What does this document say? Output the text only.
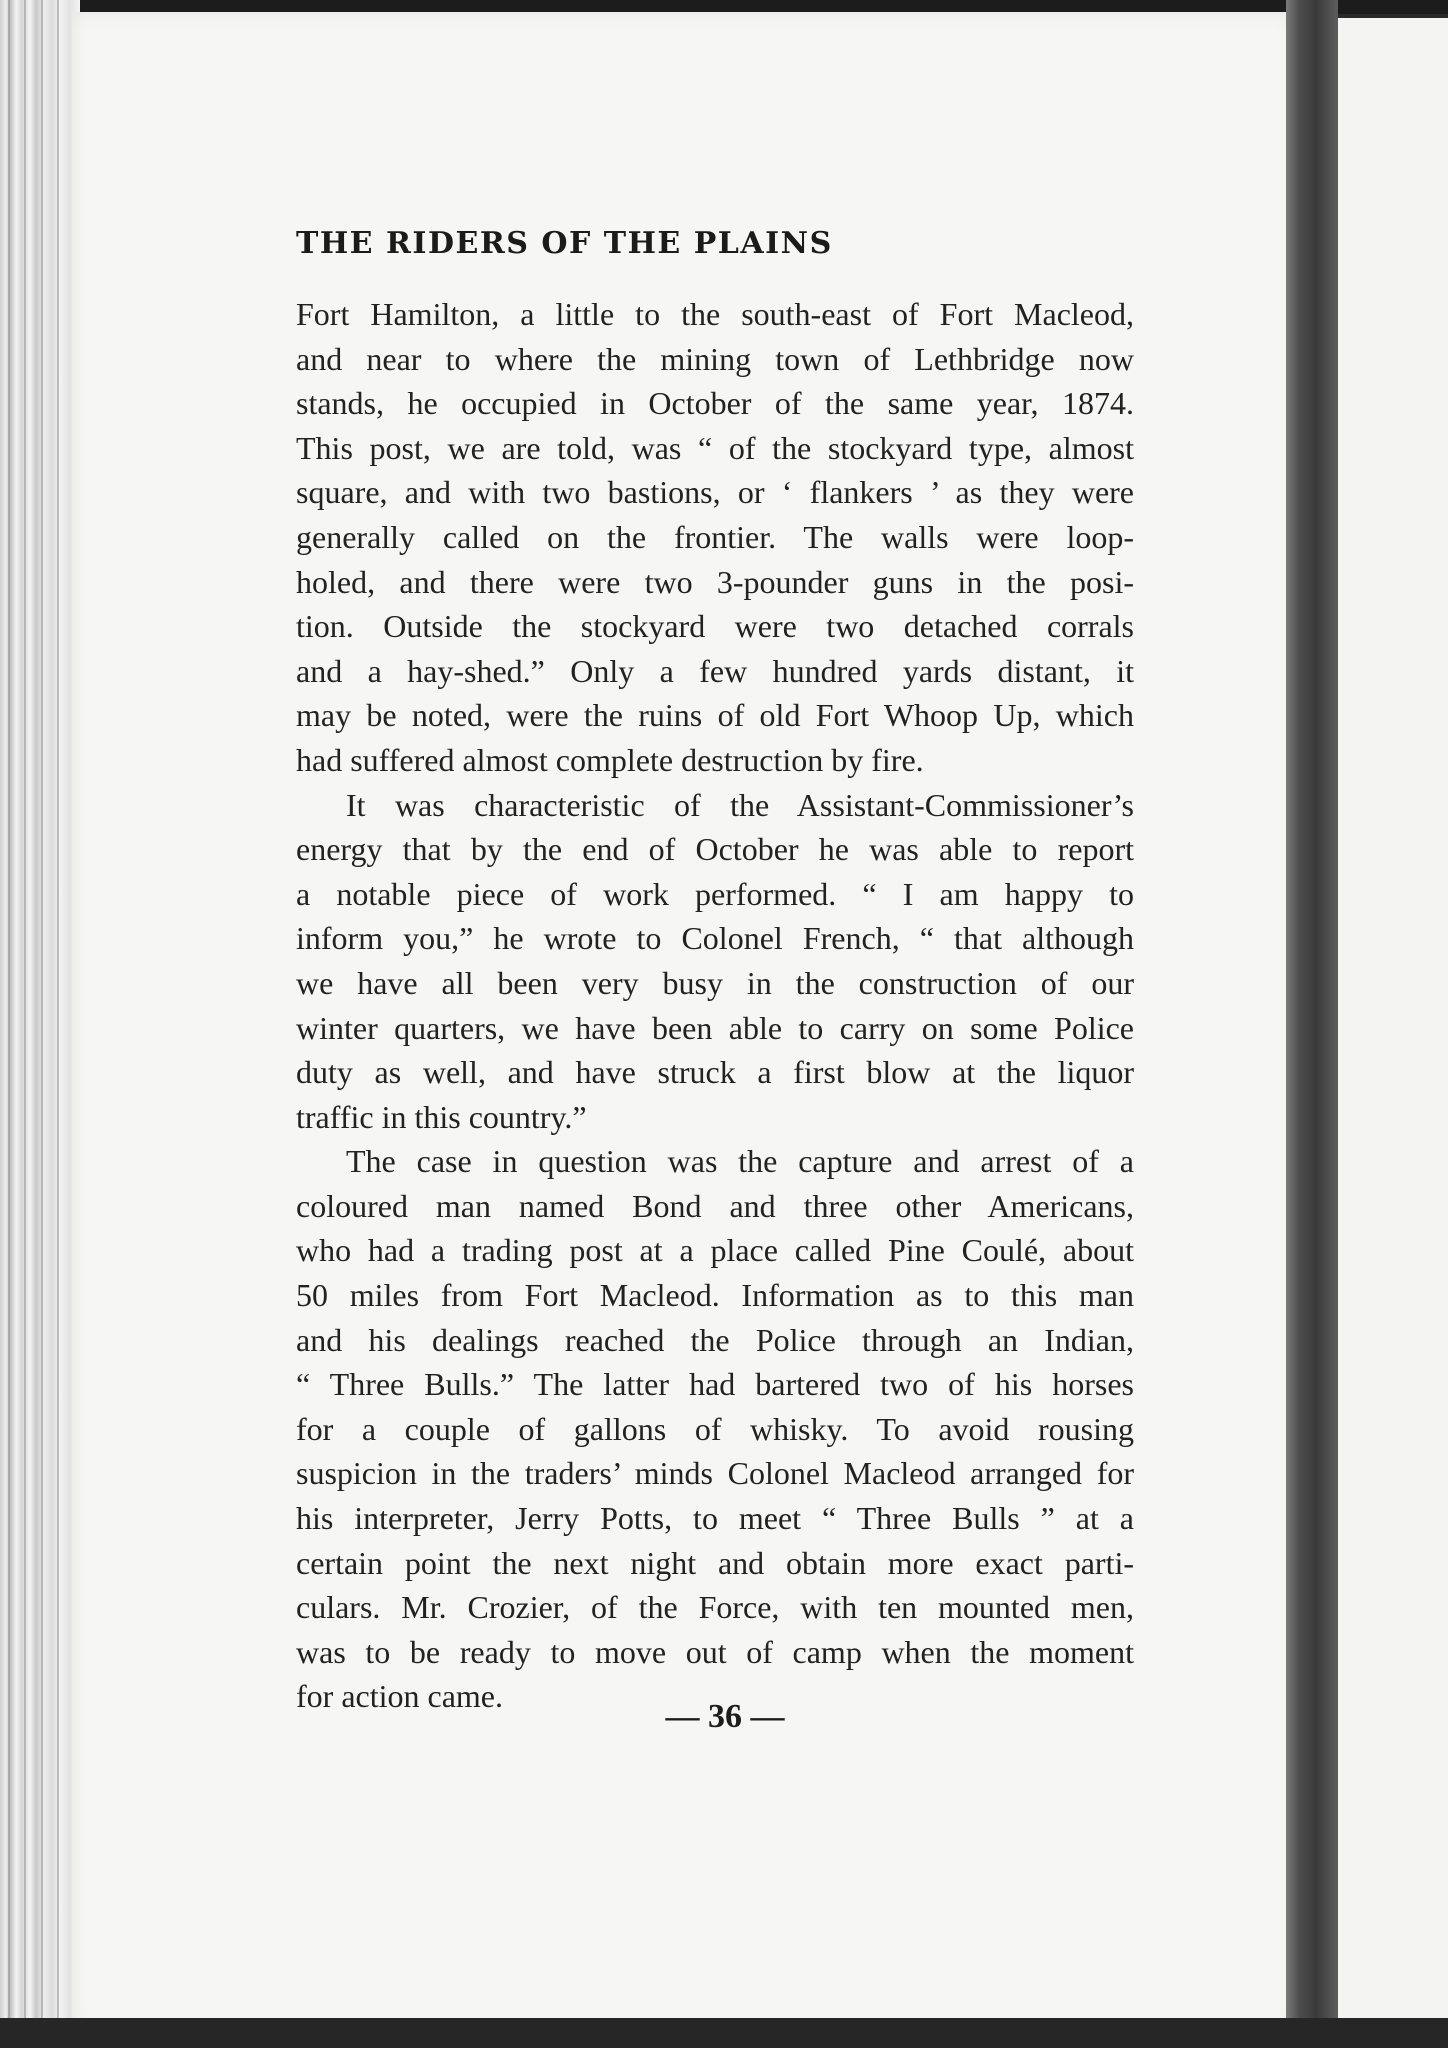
THE RIDERS OF THE PLAINS
Fort Hamilton, a little to the south-east of Fort Macleod,
and near to where the mining town of Lethbridge now
stands, he occupied in October of the same year, 1874.
This post, we are told, was “ of the stockyard type, almost
square, and with two bastions, or ‘ flankers ’ as they were
generally called on the frontier. The walls were loop-
holed, and there were two 3-pounder guns in the posi-
tion. Outside the stockyard were two detached corrals
and a hay-shed.” Only a few hundred yards distant, it
may be noted, were the ruins of old Fort Whoop Up, which
had suffered almost complete destruction by fire.
It was characteristic of the Assistant-Commissioner’s
energy that by the end of October he was able to report
a notable piece of work performed. “ I am happy to
inform you,” he wrote to Colonel French, “ that although
we have all been very busy in the construction of our
winter quarters, we have been able to carry on some Police
duty as well, and have struck a first blow at the liquor
traffic in this country.”
The case in question was the capture and arrest of a
coloured man named Bond and three other Americans,
who had a trading post at a place called Pine Coulé, about
50 miles from Fort Macleod. Information as to this man
and his dealings reached the Police through an Indian,
“ Three Bulls.” The latter had bartered two of his horses
for a couple of gallons of whisky. To avoid rousing
suspicion in the traders’ minds Colonel Macleod arranged for
his interpreter, Jerry Potts, to meet “ Three Bulls ” at a
certain point the next night and obtain more exact parti-
culars. Mr. Crozier, of the Force, with ten mounted men,
was to be ready to move out of camp when the moment
for action came.
— 36 —
